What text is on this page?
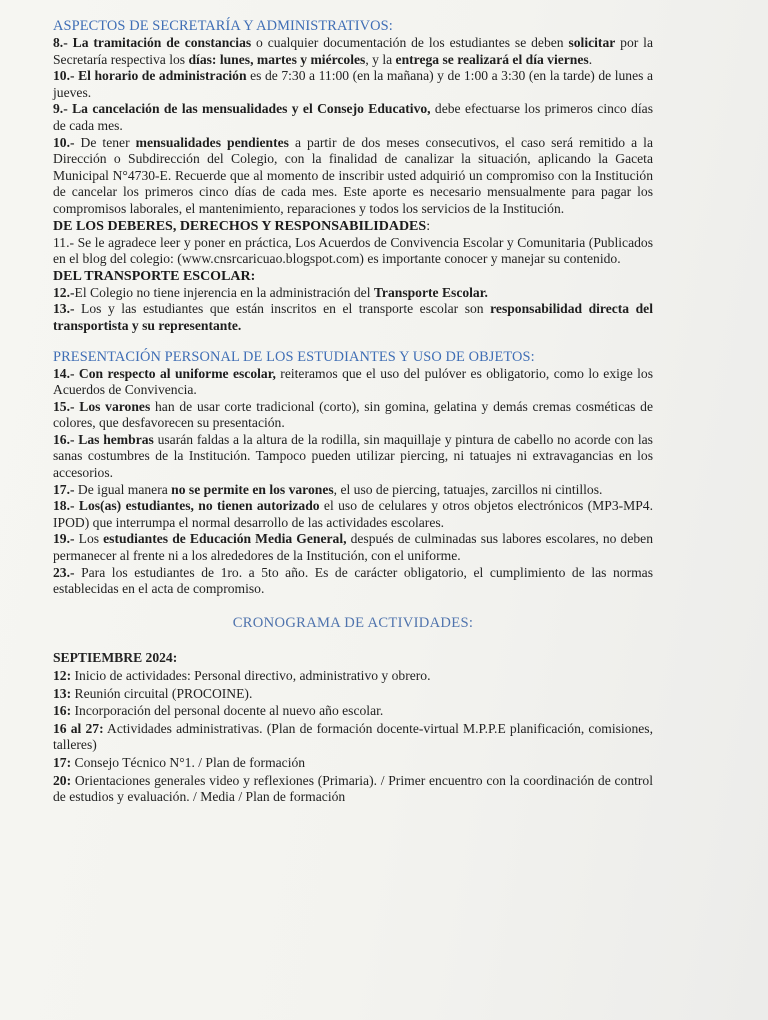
ASPECTOS DE SECRETARÍA Y ADMINISTRATIVOS:

8.- La tramitación de constancias o cualquier documentación de los estudiantes se deben solicitar por la Secretaría respectiva los días: lunes, martes y miércoles, y la entrega se realizará el día viernes.

10.- El horario de administración es de 7:30 a 11:00 (en la mañana) y de 1:00 a 3:30 (en la tarde) de lunes a jueves.

9.- La cancelación de las mensualidades y el Consejo Educativo, debe efectuarse los primeros cinco días de cada mes.

10.- De tener mensualidades pendientes a partir de dos meses consecutivos, el caso será remitido a la Dirección o Subdirección del Colegio, con la finalidad de canalizar la situación, aplicando la Gaceta Municipal N°4730-E. Recuerde que al momento de inscribir usted adquirió un compromiso con la Institución de cancelar los primeros cinco días de cada mes. Este aporte es necesario mensualmente para pagar los compromisos laborales, el mantenimiento, reparaciones y todos los servicios de la Institución.

DE LOS DEBERES, DERECHOS Y RESPONSABILIDADES:

11.- Se le agradece leer y poner en práctica, Los Acuerdos de Convivencia Escolar y Comunitaria (Publicados en el blog del colegio: (www.cnsrcaricuao.blogspot.com) es importante conocer y manejar su contenido.

DEL TRANSPORTE ESCOLAR:

12.-El Colegio no tiene injerencia en la administración del Transporte Escolar.

13.- Los y las estudiantes que están inscritos en el transporte escolar son responsabilidad directa del transportista y su representante.

PRESENTACIÓN PERSONAL DE LOS ESTUDIANTES Y USO DE OBJETOS:

14.- Con respecto al uniforme escolar, reiteramos que el uso del pulóver es obligatorio, como lo exige los Acuerdos de Convivencia.

15.- Los varones han de usar corte tradicional (corto), sin gomina, gelatina y demás cremas cosméticas de colores, que desfavorecen su presentación.

16.- Las hembras usarán faldas a la altura de la rodilla, sin maquillaje y pintura de cabello no acorde con las sanas costumbres de la Institución. Tampoco pueden utilizar piercing, ni tatuajes ni extravagancias en los accesorios.

17.- De igual manera no se permite en los varones, el uso de piercing, tatuajes, zarcillos ni cintillos.

18.- Los(as) estudiantes, no tienen autorizado el uso de celulares y otros objetos electrónicos (MP3-MP4. IPOD) que interrumpa el normal desarrollo de las actividades escolares.

19.- Los estudiantes de Educación Media General, después de culminadas sus labores escolares, no deben permanecer al frente ni a los alrededores de la Institución, con el uniforme.

23.- Para los estudiantes de 1ro. a 5to año. Es de carácter obligatorio, el cumplimiento de las normas establecidas en el acta de compromiso.

CRONOGRAMA DE ACTIVIDADES:

SEPTIEMBRE 2024:

12: Inicio de actividades: Personal directivo, administrativo y obrero.

13: Reunión circuital (PROCOINE).

16: Incorporación del personal docente al nuevo año escolar.

16 al 27: Actividades administrativas. (Plan de formación docente-virtual M.P.P.E planificación, comisiones, talleres)

17: Consejo Técnico N°1. / Plan de formación

20: Orientaciones generales video y reflexiones (Primaria). / Primer encuentro con la coordinación de control de estudios y evaluación. / Media / Plan de formación
